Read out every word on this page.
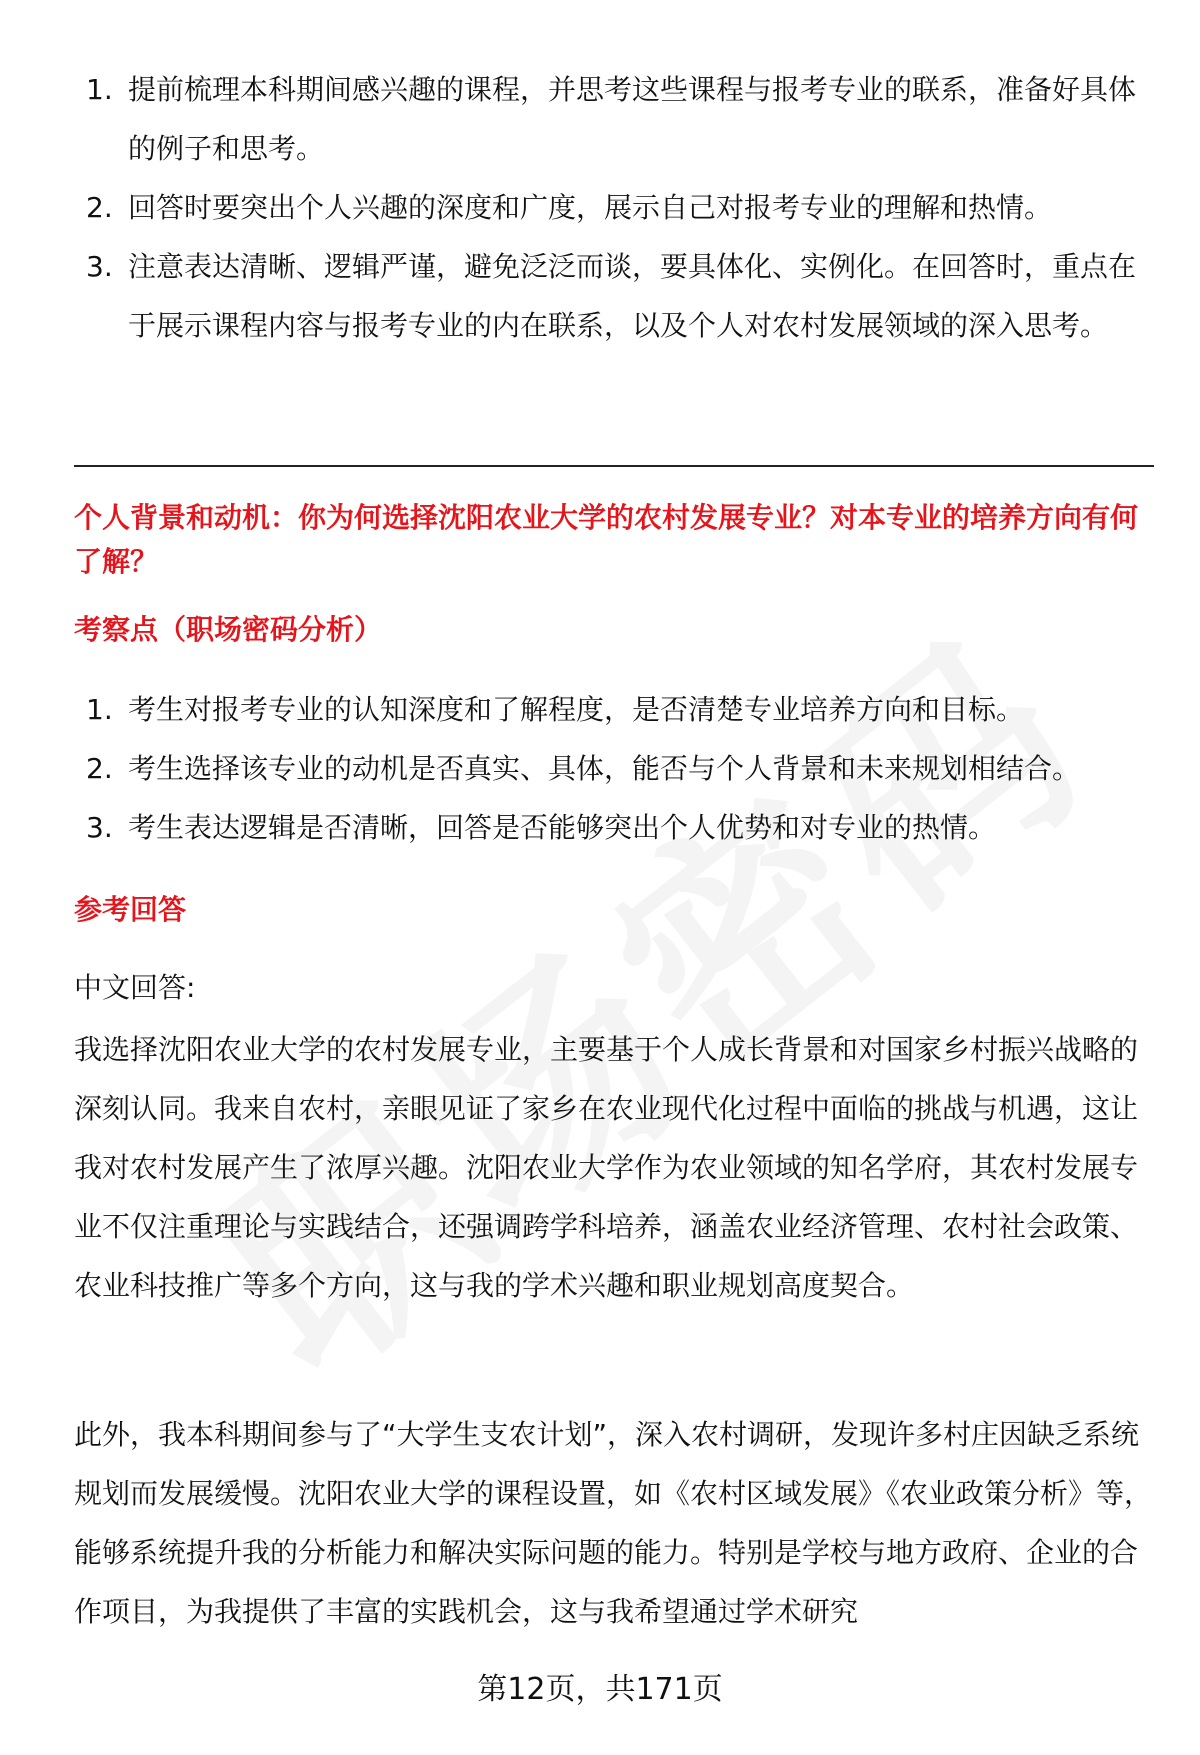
1. 提前梳理本科期间感兴趣的课程，并思考这些课程与报考专业的联系，准备好具体的例子和思考。
2. 回答时要突出个人兴趣的深度和广度，展示自己对报考专业的理解和热情。
3. 注意表达清晰、逻辑严谨，避免泛泛而谈，要具体化、实例化。在回答时，重点在于展示课程内容与报考专业的内在联系，以及个人对农村发展领域的深入思考。
个人背景和动机：你为何选择沈阳农业大学的农村发展专业？对本专业的培养方向有何了解？
考察点（职场密码分析）
1. 考生对报考专业的认知深度和了解程度，是否清楚专业培养方向和目标。
2. 考生选择该专业的动机是否真实、具体，能否与个人背景和未来规划相结合。
3. 考生表达逻辑是否清晰，回答是否能够突出个人优势和对专业的热情。
参考回答
中文回答:

我选择沈阳农业大学的农村发展专业，主要基于个人成长背景和对国家乡村振兴战略的深刻认同。我来自农村，亲眼见证了家乡在农业现代化过程中面临的挑战与机遇，这让我对农村发展产生了浓厚兴趣。沈阳农业大学作为农业领域的知名学府，其农村发展专业不仅注重理论与实践结合，还强调跨学科培养，涵盖农业经济管理、农村社会政策、农业科技推广等多个方向，这与我的学术兴趣和职业规划高度契合。

此外，我本科期间参与了“大学生支农计划”，深入农村调研，发现许多村庄因缺乏系统规划而发展缓慢。沈阳农业大学的课程设置，如《农村区域发展》《农业政策分析》等，能够系统提升我的分析能力和解决实际问题的能力。特别是学校与地方政府、企业的合作项目，为我提供了丰富的实践机会，这与我希望通过学术研究

第12页，共171页
